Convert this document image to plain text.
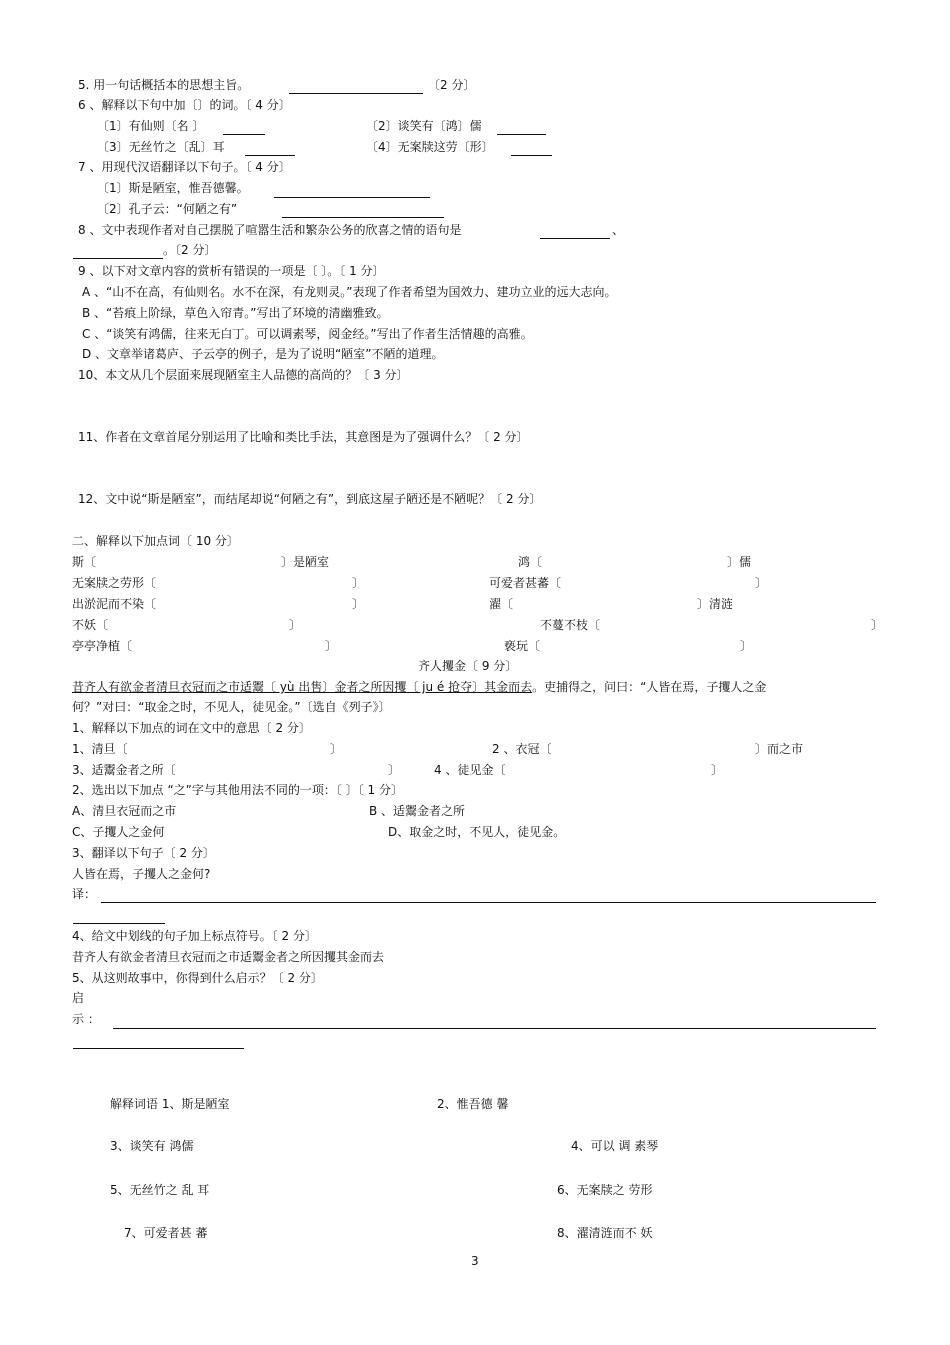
5. 用一句话概括本的思想主旨。	〔2 分〕
6 、解释以下句中加〔〕的词。〔 4 分〕
〔1〕有仙则〔名 〕	〔2〕谈笑有〔鸿〕儒
〔3〕无丝竹之〔乱〕耳	〔4〕无案牍这劳〔形〕
7 、用现代汉语翻译以下句子。〔 4 分〕
〔1〕斯是陋室，惟吾德馨。
〔2〕孔子云：“何陋之有”
8 、文中表现作者对自己摆脱了喧嚣生活和繁杂公务的欣喜之情的语句是	、
。〔2 分〕
9 、以下对文章内容的赏析有错误的一项是〔 〕。〔 1 分〕
A 、“山不在高，有仙则名。水不在深，有龙则灵。”表现了作者希望为国效力、建功立业的远大志向。
B 、“苔痕上阶绿，草色入帘青。”写出了环境的清幽雅致。
C 、“谈笑有鸿儒，往来无白丁。可以调素琴，阅金经。”写出了作者生活情趣的高雅。
D 、文章举诸葛庐、子云亭的例子，是为了说明“陋室”不陋的道理。
10、本文从几个层面来展现陋室主人品德的高尚的？〔 3 分〕
11、作者在文章首尾分别运用了比喻和类比手法，其意图是为了强调什么？〔 2 分〕
12、文中说“斯是陋室”，而结尾却说“何陋之有”，到底这屋子陋还是不陋呢？〔 2 分〕
二、解释以下加点词〔 10 分〕
斯〔	〕是陋室	鸿〔	〕儒
无案牍之劳形〔	〕	可爱者甚蕃〔	〕
出淤泥而不染〔	〕	濯〔	〕清涟
不妖〔	〕	不蔓不枝〔	〕
亭亭净植〔	〕	亵玩〔	〕
齐人攫金〔 9 分〕
昔齐人有欲金者清旦衣冠而之市适鬻〔 yù 出售〕金者之所因攫〔 ju é 抢夺〕其金而去。吏捕得之，问曰：“人皆在焉，子攫人之金
何？”对曰：“取金之时，不见人，徒见金。”〔选自《列子》〕
1、解释以下加点的词在文中的意思〔 2 分〕
1、清旦〔	〕	2 、衣冠〔	〕而之市
3、适鬻金者之所〔	〕	4 、徒见金〔	〕
2、选出以下加点 “之”字与其他用法不同的一项：〔 〕〔 1 分〕
A、清旦衣冠而之市	B 、适鬻金者之所
C、子攫人之金何	D、取金之时，不见人，徒见金。
3、翻译以下句子〔 2 分〕
人皆在焉，子攫人之金何?
译：
4、给文中划线的句子加上标点符号。〔 2 分〕
昔齐人有欲金者清旦衣冠而之市适鬻金者之所因攫其金而去
5、从这则故事中，你得到什么启示？〔 2 分〕
启
示 ：
解释词语 1、斯是陋室	2、惟吾德 馨
3、谈笑有 鸿儒	4、可以 调 素琴
5、无丝竹之 乱 耳	6、无案牍之 劳形
7、可爱者甚 蕃	8、濯清涟而不 妖
3
